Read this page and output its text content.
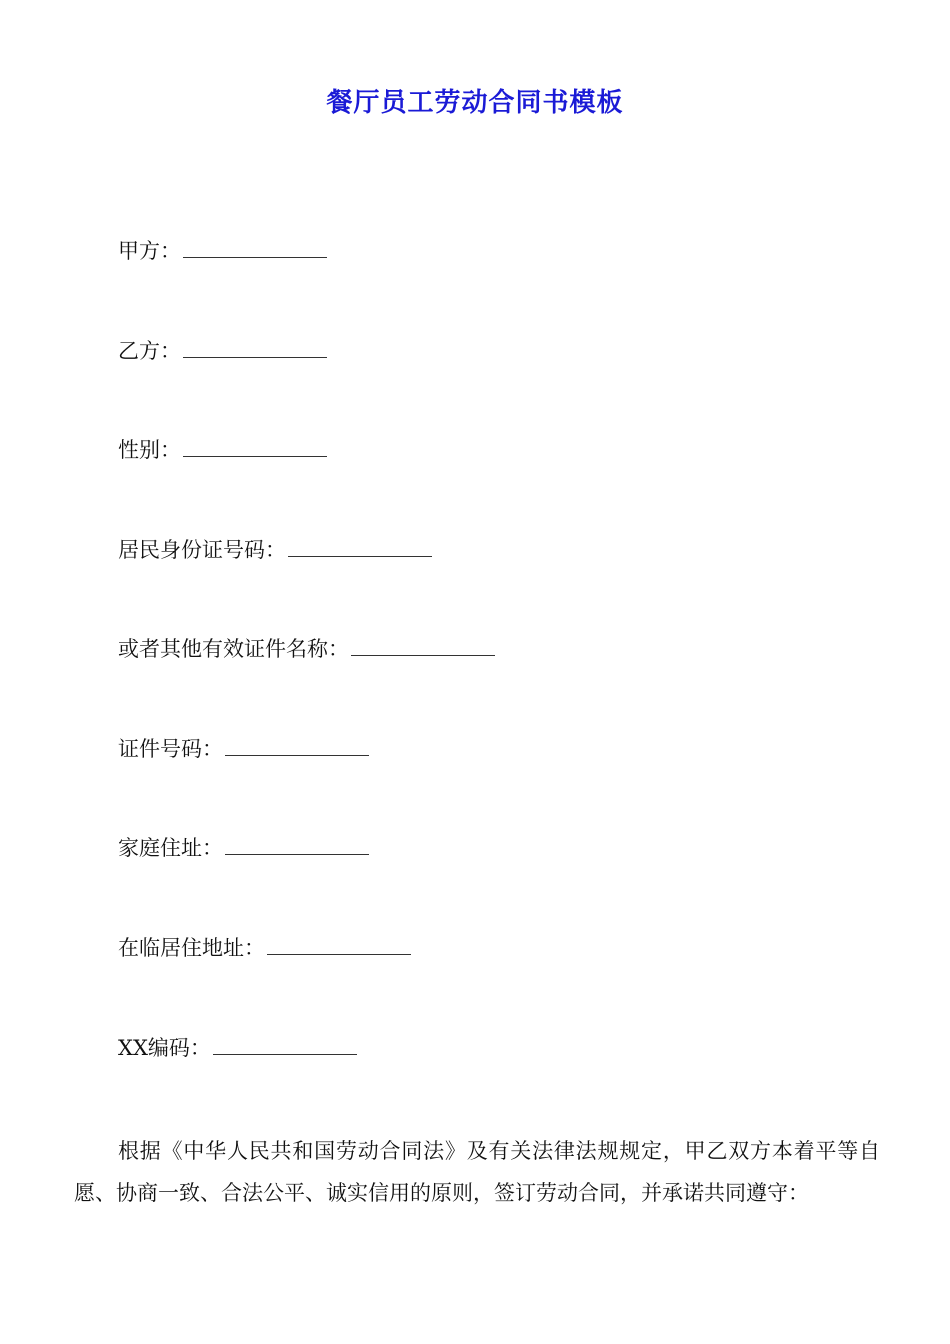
餐厅员工劳动合同书模板
甲方：
乙方：
性别：
居民身份证号码：
或者其他有效证件名称：
证件号码：
家庭住址：
在临居住地址：
XX编码：
根据《中华人民共和国劳动合同法》及有关法律法规规定，甲乙双方本着平等自愿、协商一致、合法公平、诚实信用的原则，签订劳动合同，并承诺共同遵守：
